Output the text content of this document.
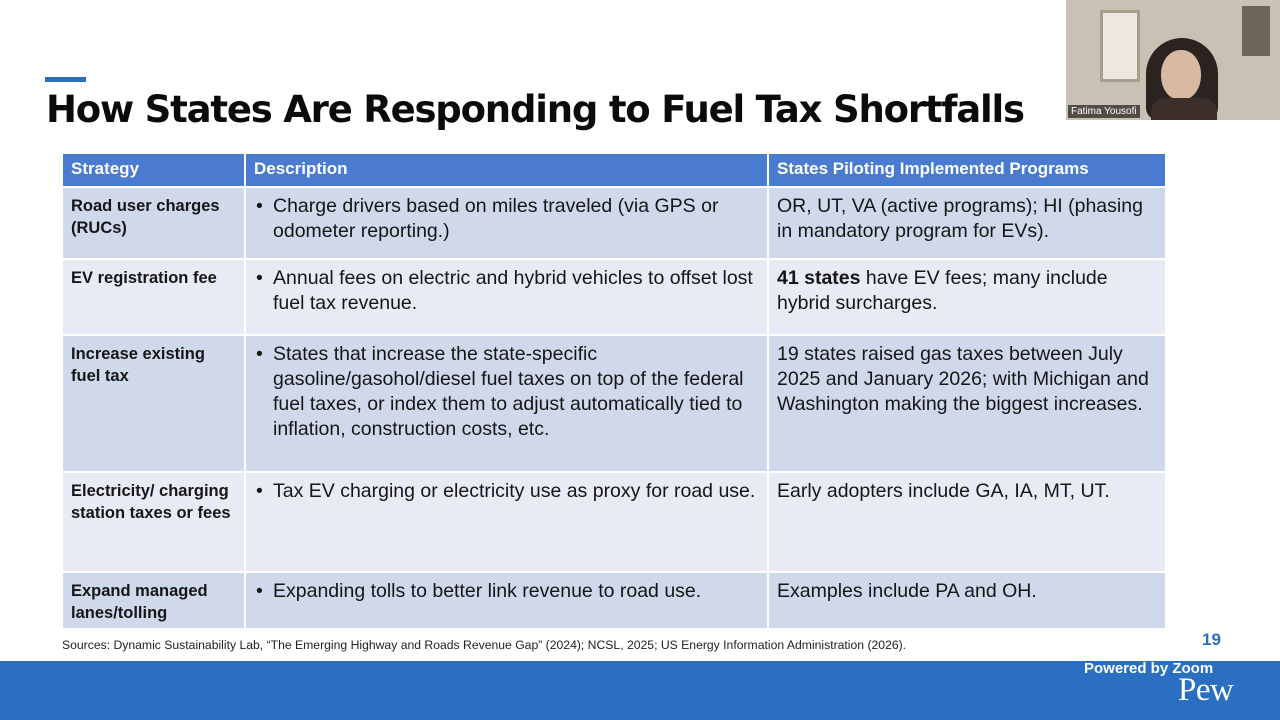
How States Are Responding to Fuel Tax Shortfalls
Strategy	Description	States Piloting Implemented Programs
Road user charges (RUCs)	• Charge drivers based on miles traveled (via GPS or odometer reporting.)	OR, UT, VA (active programs); HI (phasing in mandatory program for EVs).
EV registration fee	• Annual fees on electric and hybrid vehicles to offset lost fuel tax revenue.	41 states have EV fees; many include hybrid surcharges.
Increase existing fuel tax	• States that increase the state-specific gasoline/gasohol/diesel fuel taxes on top of the federal fuel taxes, or index them to adjust automatically tied to inflation, construction costs, etc.	19 states raised gas taxes between July 2025 and January 2026; with Michigan and Washington making the biggest increases.
Electricity/ charging station taxes or fees	• Tax EV charging or electricity use as proxy for road use.	Early adopters include GA, IA, MT, UT.
Expand managed lanes/tolling	• Expanding tolls to better link revenue to road use.	Examples include PA and OH.
Sources: Dynamic Sustainability Lab, “The Emerging Highway and Roads Revenue Gap” (2024); NCSL, 2025; US Energy Information Administration (2026).	19
Powered by Zoom
Pew
Fatima Yousofi
